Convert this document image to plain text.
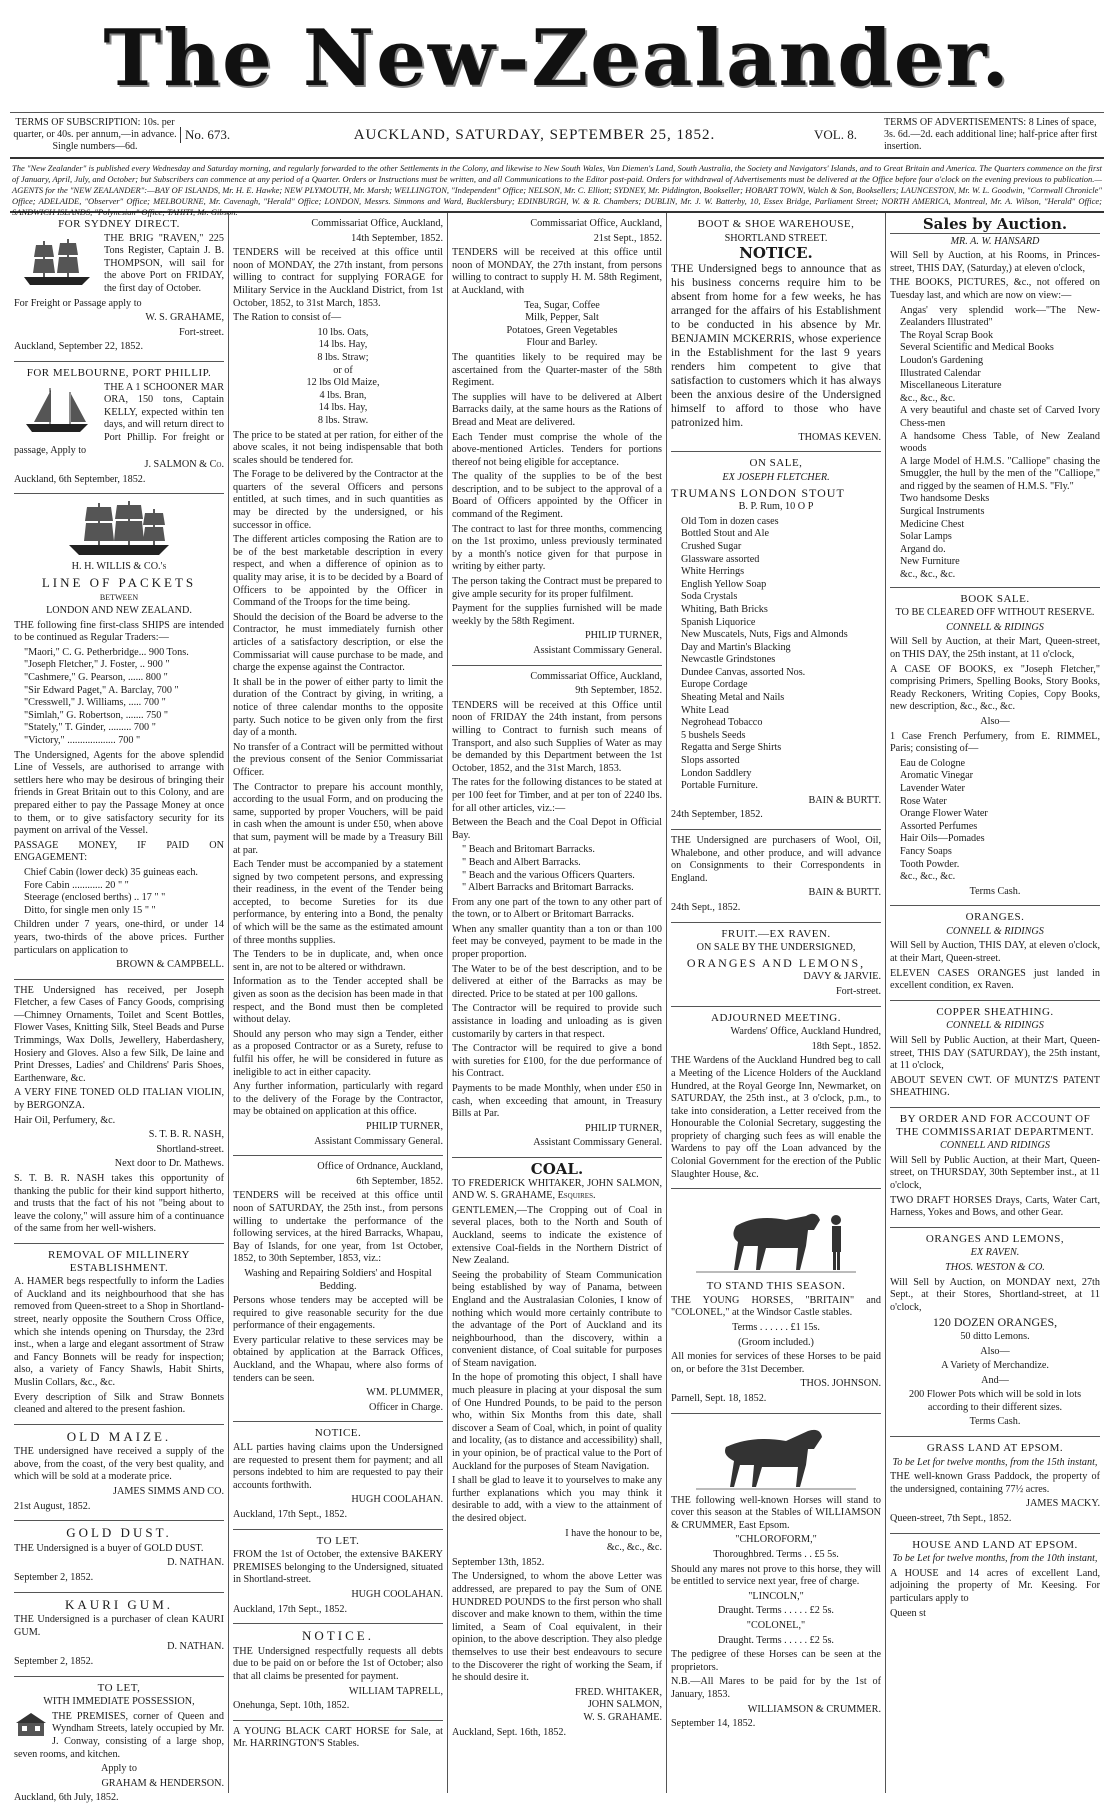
The New-Zealander.
TERMS OF SUBSCRIPTION: 10s. per quarter, or 40s. per annum,—in advance. Single numbers—6d.
No. 673.	AUCKLAND, SATURDAY, SEPTEMBER 25, 1852.	VOL. 8.
TERMS OF ADVERTISEMENTS: 8 Lines of space, 3s. 6d.—2d. each additional line; half-price after first insertion.
The "New Zealander" is published every Wednesday and Saturday morning, and regularly forwarded to the other Settlements in the Colony, and likewise to New South Wales, Van Diemen's Land, South Australia, the Society and Navigators' Islands, and to Great Britain and America. The Quarters commence on the first of January, April, July, and October; but Subscribers can commence at any period of a Quarter. Orders or Instructions must be written, and all Communications to the Editor post-paid. Orders for withdrawal of Advertisements must be delivered at the Office before four o'clock on the evening previous to publication.—AGENTS for the "NEW ZEALANDER":—BAY OF ISLANDS, Mr. H. E. Hawke; NEW PLYMOUTH, Mr. Marsh; WELLINGTON, "Independent" Office; NELSON, Mr. C. Elliott; SYDNEY, Mr. Piddington, Bookseller; HOBART TOWN, Walch & Son, Booksellers; LAUNCESTON, Mr. W. L. Goodwin, "Cornwall Chronicle" Office; ADELAIDE, "Observer" Office; MELBOURNE, Mr. Cavenagh, "Herald" Office; LONDON, Messrs. Simmons and Ward, Bucklersbury; EDINBURGH, W. & R. Chambers; DUBLIN, Mr. J. W. Batterby, 10, Essex Bridge, Parliament Street; NORTH AMERICA, Montreal, Mr. A. Wilson, "Herald" Office; SANDWICH ISLANDS, "Polynesian" Office; TAHITI, Mr. Gibson.
FOR SYDNEY DIRECT.

THE BRIG "RAVEN," 225 Tons Register, Captain J. B. THOMPSON, will sail for the above Port on FRIDAY, the first day of October.

For Freight or Passage apply to

W. S. GRAHAME,

Fort-street.

Auckland, September 22, 1852.

FOR MELBOURNE, PORT PHILLIP.

THE A 1 SCHOONER MAR ORA, 150 tons, Captain KELLY, expected within ten days, and will return direct to Port Phillip. For freight or passage, Apply to

J. SALMON & Co.

Auckland, 6th September, 1852.

H. H. WILLIS & CO.'s
LINE OF PACKETS
BETWEEN
LONDON AND NEW ZEALAND.

THE following fine first-class SHIPS are intended to be continued as Regular Traders:—

"Maori," C. G. Petherbridge... 900 Tons.
"Joseph Fletcher," J. Foster, .. 900 "
"Cashmere," G. Pearson, ...... 800 "
"Sir Edward Paget," A. Barclay, 700 "
"Cresswell," J. Williams, ..... 700 "
"Simlah," G. Robertson, ....... 750 "
"Stately," T. Ginder, ......... 700 "
"Victory," ................... 700 "

The Undersigned, Agents for the above splendid Line of Vessels, are authorised to arrange with settlers here who may be desirous of bringing their friends in Great Britain out to this Colony, and are prepared either to pay the Passage Money at once to them, or to give satisfactory security for its payment on arrival of the Vessel.

PASSAGE MONEY, IF PAID ON ENGAGEMENT:

Chief Cabin (lower deck) 35 guineas each.
Fore Cabin ............ 20 " "
Steerage (enclosed berths) .. 17 " "
Ditto, for single men only 15 " "

Children under 7 years, one-third, or under 14 years, two-thirds of the above prices. Further particulars on application to

BROWN & CAMPBELL.

THE Undersigned has received, per Joseph Fletcher, a few Cases of Fancy Goods, comprising—Chimney Ornaments, Toilet and Scent Bottles, Flower Vases, Knitting Silk, Steel Beads and Purse Trimmings, Wax Dolls, Jewellery, Haberdashery, Hosiery and Gloves. Also a few Silk, De laine and Print Dresses, Ladies' and Childrens' Paris Shoes, Earthenware, &c.

A VERY FINE TONED OLD ITALIAN VIOLIN, by BERGONZA.

Hair Oil, Perfumery, &c.

S. T. B. R. NASH,

Shortland-street.

Next door to Dr. Mathews.

S. T. B. R. NASH takes this opportunity of thanking the public for their kind support hitherto, and trusts that the fact of his not "being about to leave the colony," will assure him of a continuance of the same from her well-wishers.

REMOVAL OF MILLINERY ESTABLISHMENT.

A. HAMER begs respectfully to inform the Ladies of Auckland and its neighbourhood that she has removed from Queen-street to a Shop in Shortland-street, nearly opposite the Southern Cross Office, which she intends opening on Thursday, the 23rd inst., when a large and elegant assortment of Straw and Fancy Bonnets will be ready for inspection; also, a variety of Fancy Shawls, Habit Shirts, Muslin Collars, &c., &c.

Every description of Silk and Straw Bonnets cleaned and altered to the present fashion.

OLD MAIZE.

THE undersigned have received a supply of the above, from the coast, of the very best quality, and which will be sold at a moderate price.

JAMES SIMMS AND CO.

21st August, 1852.

GOLD DUST.

THE Undersigned is a buyer of GOLD DUST.

D. NATHAN.

September 2, 1852.

KAURI GUM.

THE Undersigned is a purchaser of clean KAURI GUM.

D. NATHAN.

September 2, 1852.

TO LET,
WITH IMMEDIATE POSSESSION,

THE PREMISES, corner of Queen and Wyndham Streets, lately occupied by Mr. J. Conway, consisting of a large shop, seven rooms, and kitchen.

Apply to

GRAHAM & HENDERSON.

Auckland, 6th July, 1852.

Commissariat Office, Auckland,

14th September, 1852.

TENDERS will be received at this office until noon of MONDAY, the 27th instant, from persons willing to contract for supplying FORAGE for Military Service in the Auckland District, from 1st October, 1852, to 31st March, 1853.

The Ration to consist of—

10 lbs. Oats,
14 lbs. Hay,
8 lbs. Straw;
or of
12 lbs Old Maize,
4 lbs. Bran,
14 lbs. Hay,
8 lbs. Straw.

The price to be stated at per ration, for either of the above scales, it not being indispensable that both scales should be tendered for.

The Forage to be delivered by the Contractor at the quarters of the several Officers and persons entitled, at such times, and in such quantities as may be directed by the undersigned, or his successor in office.

The different articles composing the Ration are to be of the best marketable description in every respect, and when a difference of opinion as to quality may arise, it is to be decided by a Board of Officers to be appointed by the Officer in Command of the Troops for the time being.

Should the decision of the Board be adverse to the Contractor, he must immediately furnish other articles of a satisfactory description, or else the Commissariat will cause purchase to be made, and charge the expense against the Contractor.

It shall be in the power of either party to limit the duration of the Contract by giving, in writing, a notice of three calendar months to the opposite party. Such notice to be given only from the first day of a month.

No transfer of a Contract will be permitted without the previous consent of the Senior Commissariat Officer.

The Contractor to prepare his account monthly, according to the usual Form, and on producing the same, supported by proper Vouchers, will be paid in cash when the amount is under £50, when above that sum, payment will be made by a Treasury Bill at par.

Each Tender must be accompanied by a statement signed by two competent persons, and expressing their readiness, in the event of the Tender being accepted, to become Sureties for its due performance, by entering into a Bond, the penalty of which will be the same as the estimated amount of three months supplies.

The Tenders to be in duplicate, and, when once sent in, are not to be altered or withdrawn.

Information as to the Tender accepted shall be given as soon as the decision has been made in that respect, and the Bond must then be completed without delay.

Should any person who may sign a Tender, either as a proposed Contractor or as a Surety, refuse to fulfil his offer, he will be considered in future as ineligible to act in either capacity.

Any further information, particularly with regard to the delivery of the Forage by the Contractor, may be obtained on application at this office.

PHILIP TURNER,

Assistant Commissary General.

Office of Ordnance, Auckland,

6th September, 1852.

TENDERS will be received at this office until noon of SATURDAY, the 25th inst., from persons willing to undertake the performance of the following services, at the hired Barracks, Whapau, Bay of Islands, for one year, from 1st October, 1852, to 30th September, 1853, viz.:

Washing and Repairing Soldiers' and Hospital Bedding.

Persons whose tenders may be accepted will be required to give reasonable security for the due performance of their engagements.

Every particular relative to these services may be obtained by application at the Barrack Offices, Auckland, and the Whapau, where also forms of tenders can be seen.

WM. PLUMMER,

Officer in Charge.

NOTICE.

ALL parties having claims upon the Undersigned are requested to present them for payment; and all persons indebted to him are requested to pay their accounts forthwith.

HUGH COOLAHAN.

Auckland, 17th Sept., 1852.

TO LET.

FROM the 1st of October, the extensive BAKERY PREMISES belonging to the Undersigned, situated in Shortland-street.

HUGH COOLAHAN.

Auckland, 17th Sept., 1852.

NOTICE.

THE Undersigned respectfully requests all debts due to be paid on or before the 1st of October; also that all claims be presented for payment.

WILLIAM TAPRELL,

Onehunga, Sept. 10th, 1852.

A YOUNG BLACK CART HORSE for Sale, at Mr. HARRINGTON'S Stables.

Commissariat Office, Auckland,

21st Sept., 1852.

TENDERS will be received at this office until noon of MONDAY, the 27th instant, from persons willing to contract to supply H. M. 58th Regiment, at Auckland, with

Tea, Sugar, Coffee
Milk, Pepper, Salt
Potatoes, Green Vegetables
Flour and Barley.

The quantities likely to be required may be ascertained from the Quarter-master of the 58th Regiment.

The supplies will have to be delivered at Albert Barracks daily, at the same hours as the Rations of Bread and Meat are delivered.

Each Tender must comprise the whole of the above-mentioned Articles. Tenders for portions thereof not being eligible for acceptance.

The quality of the supplies to be of the best description, and to be subject to the approval of a Board of Officers appointed by the Officer in command of the Regiment.

The contract to last for three months, commencing on the 1st proximo, unless previously terminated by a month's notice given for that purpose in writing by either party.

The person taking the Contract must be prepared to give ample security for its proper fulfilment.

Payment for the supplies furnished will be made weekly by the 58th Regiment.

PHILIP TURNER,

Assistant Commissary General.

Commissariat Office, Auckland,

9th September, 1852.

TENDERS will be received at this Office until noon of FRIDAY the 24th instant, from persons willing to Contract to furnish such means of Transport, and also such Supplies of Water as may be demanded by this Department between the 1st October, 1852, and the 31st March, 1853.

The rates for the following distances to be stated at per 100 feet for Timber, and at per ton of 2240 lbs. for all other articles, viz.:—

Between the Beach and the Coal Depot in Official Bay.

" Beach and Britomart Barracks.
" Beach and Albert Barracks.
" Beach and the various Officers Quarters.
" Albert Barracks and Britomart Barracks.

From any one part of the town to any other part of the town, or to Albert or Britomart Barracks.

When any smaller quantity than a ton or than 100 feet may be conveyed, payment to be made in the proper proportion.

The Water to be of the best description, and to be delivered at either of the Barracks as may be directed. Price to be stated at per 100 gallons.

The Contractor will be required to provide such assistance in loading and unloading as is given customarily by carters in that respect.

The Contractor will be required to give a bond with sureties for £100, for the due performance of his Contract.

Payments to be made Monthly, when under £50 in cash, when exceeding that amount, in Treasury Bills at Par.

PHILIP TURNER,

Assistant Commissary General.

COAL.

TO FREDERICK WHITAKER, JOHN SALMON, AND W. S. GRAHAME, Esquires.

GENTLEMEN,—The Cropping out of Coal in several places, both to the North and South of Auckland, seems to indicate the existence of extensive Coal-fields in the Northern District of New Zealand.

Seeing the probability of Steam Communication being established by way of Panama, between England and the Australasian Colonies, I know of nothing which would more certainly contribute to the advantage of the Port of Auckland and its neighbourhood, than the discovery, within a convenient distance, of Coal suitable for purposes of Steam navigation.

In the hope of promoting this object, I shall have much pleasure in placing at your disposal the sum of One Hundred Pounds, to be paid to the person who, within Six Months from this date, shall discover a Seam of Coal, which, in point of quality and locality, (as to distance and accessibility) shall, in your opinion, be of practical value to the Port of Auckland for the purposes of Steam Navigation.

I shall be glad to leave it to yourselves to make any further explanations which you may think it desirable to add, with a view to the attainment of the desired object.

I have the honour to be,

&c., &c., &c.

September 13th, 1852.

The Undersigned, to whom the above Letter was addressed, are prepared to pay the Sum of ONE HUNDRED POUNDS to the first person who shall discover and make known to them, within the time limited, a Seam of Coal equivalent, in their opinion, to the above description. They also pledge themselves to use their best endeavours to secure to the Discoverer the right of working the Seam, if he should desire it.

FRED. WHITAKER,
JOHN SALMON,
W. S. GRAHAME.

Auckland, Sept. 16th, 1852.

BOOT & SHOE WAREHOUSE,
SHORTLAND STREET.
NOTICE.

THE Undersigned begs to announce that as his business concerns require him to be absent from home for a few weeks, he has arranged for the affairs of his Establishment to be conducted in his absence by Mr. BENJAMIN MCKERRIS, whose experience in the Establishment for the last 9 years renders him competent to give that satisfaction to customers which it has always been the anxious desire of the Undersigned himself to afford to those who have patronized him.

THOMAS KEVEN.

ON SALE,
EX JOSEPH FLETCHER.

TRUMANS LONDON STOUT

B. P. Rum, 10 O P

Old Tom in dozen cases
Bottled Stout and Ale
Crushed Sugar
Glassware assorted
White Herrings
English Yellow Soap
Soda Crystals
Whiting, Bath Bricks
Spanish Liquorice
New Muscatels, Nuts, Figs and Almonds
Day and Martin's Blacking
Newcastle Grindstones
Dundee Canvas, assorted Nos.
Europe Cordage
Sheating Metal and Nails
White Lead
Negrohead Tobacco
5 bushels Seeds
Regatta and Serge Shirts
Slops assorted
London Saddlery
Portable Furniture.

BAIN & BURTT.

24th September, 1852.

THE Undersigned are purchasers of Wool, Oil, Whalebone, and other produce, and will advance on Consignments to their Correspondents in England.

BAIN & BURTT.

24th Sept., 1852.

FRUIT.—EX RAVEN.
ON SALE BY THE UNDERSIGNED,

ORANGES AND LEMONS,

DAVY & JARVIE.

Fort-street.

ADJOURNED MEETING.

Wardens' Office, Auckland Hundred,

18th Sept., 1852.

THE Wardens of the Auckland Hundred beg to call a Meeting of the Licence Holders of the Auckland Hundred, at the Royal George Inn, Newmarket, on SATURDAY, the 25th inst., at 3 o'clock, p.m., to take into consideration, a Letter received from the Honourable the Colonial Secretary, suggesting the propriety of charging such fees as will enable the Wardens to pay off the Loan advanced by the Colonial Government for the erection of the Public Slaughter House, &c.

TO STAND THIS SEASON.

THE YOUNG HORSES, "BRITAIN" and "COLONEL," at the Windsor Castle stables.

Terms . . . . . . £1 15s.

(Groom included.)

All monies for services of these Horses to be paid on, or before the 31st December.

THOS. JOHNSON.

Parnell, Sept. 18, 1852.

THE following well-known Horses will stand to cover this season at the Stables of WILLIAMSON & CRUMMER, East Epsom.

"CHLOROFORM,"

Thoroughbred. Terms . . £5 5s.

Should any mares not prove to this horse, they will be entitled to service next year, free of charge.

"LINCOLN,"

Draught. Terms . . . . . £2 5s.

"COLONEL,"

Draught. Terms . . . . . £2 5s.

The pedigree of these Horses can be seen at the proprietors.

N.B.—All Mares to be paid for by the 1st of January, 1853.

WILLIAMSON & CRUMMER.

September 14, 1852.

Sales by Auction.

MR. A. W. HANSARD

Will Sell by Auction, at his Rooms, in Princes-street, THIS DAY, (Saturday,) at eleven o'clock,

THE BOOKS, PICTURES, &c., not offered on Tuesday last, and which are now on view:—

Angas' very splendid work—"The New-Zealanders Illustrated"
The Royal Scrap Book
Several Scientific and Medical Books
Loudon's Gardening
Illustrated Calendar
Miscellaneous Literature
&c., &c., &c.
A very beautiful and chaste set of Carved Ivory Chess-men
A handsome Chess Table, of New Zealand woods
A large Model of H.M.S. "Calliope" chasing the Smuggler, the hull by the men of the "Calliope," and rigged by the seamen of H.M.S. "Fly."
Two handsome Desks
Surgical Instruments
Medicine Chest
Solar Lamps
Argand do.
New Furniture
&c., &c., &c.
BOOK SALE.
TO BE CLEARED OFF WITHOUT RESERVE.

CONNELL & RIDINGS

Will Sell by Auction, at their Mart, Queen-street, on THIS DAY, the 25th instant, at 11 o'clock,

A CASE OF BOOKS, ex "Joseph Fletcher," comprising Primers, Spelling Books, Story Books, Ready Reckoners, Writing Copies, Copy Books, new description, &c., &c., &c.

Also—

1 Case French Perfumery, from E. RIMMEL, Paris; consisting of—

Eau de Cologne
Aromatic Vinegar
Lavender Water
Rose Water
Orange Flower Water
Assorted Perfumes
Hair Oils—Pomades
Fancy Soaps
Tooth Powder.
&c., &c., &c.

Terms Cash.

ORANGES.

CONNELL & RIDINGS

Will Sell by Auction, THIS DAY, at eleven o'clock, at their Mart, Queen-street.

ELEVEN CASES ORANGES just landed in excellent condition, ex Raven.

COPPER SHEATHING.

CONNELL & RIDINGS

Will Sell by Public Auction, at their Mart, Queen-street, THIS DAY (SATURDAY), the 25th instant, at 11 o'clock,

ABOUT SEVEN CWT. OF MUNTZ'S PATENT SHEATHING.

BY ORDER AND FOR ACCOUNT OF THE COMMISSARIAT DEPARTMENT.

CONNELL AND RIDINGS

Will Sell by Public Auction, at their Mart, Queen-street, on THURSDAY, 30th September inst., at 11 o'clock,

TWO DRAFT HORSES Drays, Carts, Water Cart, Harness, Yokes and Bows, and other Gear.

ORANGES AND LEMONS,
EX RAVEN.

THOS. WESTON & CO.

Will Sell by Auction, on MONDAY next, 27th Sept., at their Stores, Shortland-street, at 11 o'clock,

120 DOZEN ORANGES,

50 ditto Lemons.

Also—

A Variety of Merchandize.

And—

200 Flower Pots which will be sold in lots according to their different sizes.

Terms Cash.

GRASS LAND AT EPSOM.

To be Let for twelve months, from the 15th instant,

THE well-known Grass Paddock, the property of the undersigned, containing 77½ acres.

JAMES MACKY.

Queen-street, 7th Sept., 1852.

HOUSE AND LAND AT EPSOM.

To be Let for twelve months, from the 10th instant,

A HOUSE and 14 acres of excellent Land, adjoining the property of Mr. Keesing. For particulars apply to

Queen st
